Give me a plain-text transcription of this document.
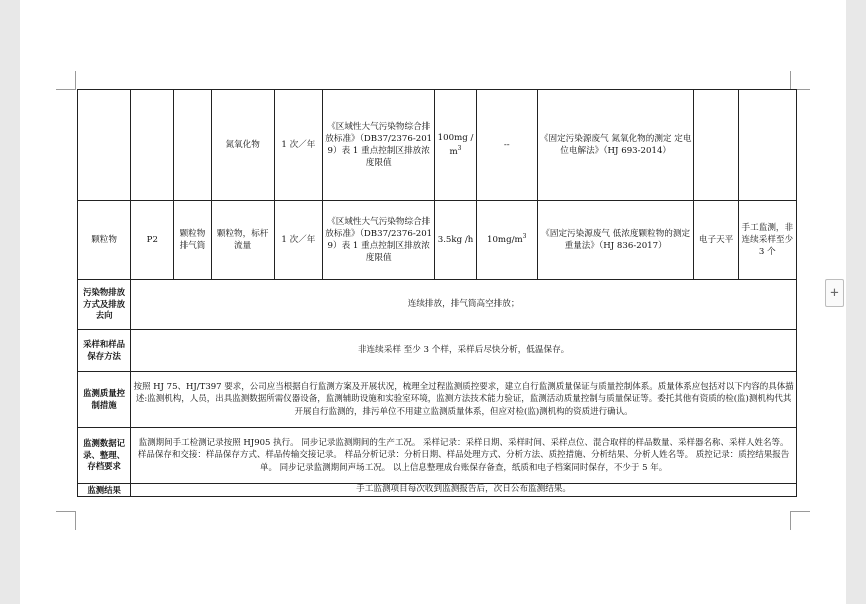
			氮氧化物	1 次／年	《区域性大气污染物综合排放标准》（DB37/2376-2019）表 1 重点控制区排放浓度限值	100mg $/m^3$	--	《固定污染源废气 氮氧化物的测定 定电位电解法》（HJ 693-2014）		
颗粒物	P2	颗粒物排气筒	颗粒物，标杆流量	1 次／年	《区域性大气污染物综合排放标准》（DB37/2376-2019）表 1 重点控制区排放浓度限值	3.5kg /h	$10mg/m^3$	《固定污染源废气 低浓度颗粒物的测定 重量法》（HJ 836-2017）	电子天平	手工监测，非连续采样至少 3 个
污染物排放方式及排放去向	连续排放，排气筒高空排放；									
采样和样品保存方法	非连续采样 至少 3 个样，采样后尽快分析，低温保存。									
监测质量控制措施	按照 HJ 75、HJ/T397 要求，公司应当根据自行监测方案及开展状况，梳理全过程监测质控要求，建立自行监测质量保证与质量控制体系。质量体系应包括对以下内容的具体描述:监测机构，人员，出具监测数据所需仪器设备，监测辅助设施和实验室环境，监测方法技术能力验证，监测活动质量控制与质量保证等。委托其他有资质的检(监)测机构代其开展自行监测的，排污单位不用建立监测质量体系，但应对检(监)测机构的资质进行确认。									
监测数据记录、整理、存档要求	监测期间手工检测记录按照 HJ905 执行。 同步记录监测期间的生产工况。 采样记录：采样日期、采样时间、采样点位、混合取样的样品数量、采样器名称、采样人姓名等。 样品保存和交接：样品保存方式、样品传输交接记录。 样品分析记录：分析日期、样品处理方式、分析方法、质控措施、分析结果、分析人姓名等。 质控记录：质控结果报告单。 同步记录监测期间声场工况。 以上信息整理成台账保存备查，纸质和电子档案同时保存，不少于 5 年。									
监测结果	手工监测项目每次收到监测报告后，次日公布监测结果。									
+
